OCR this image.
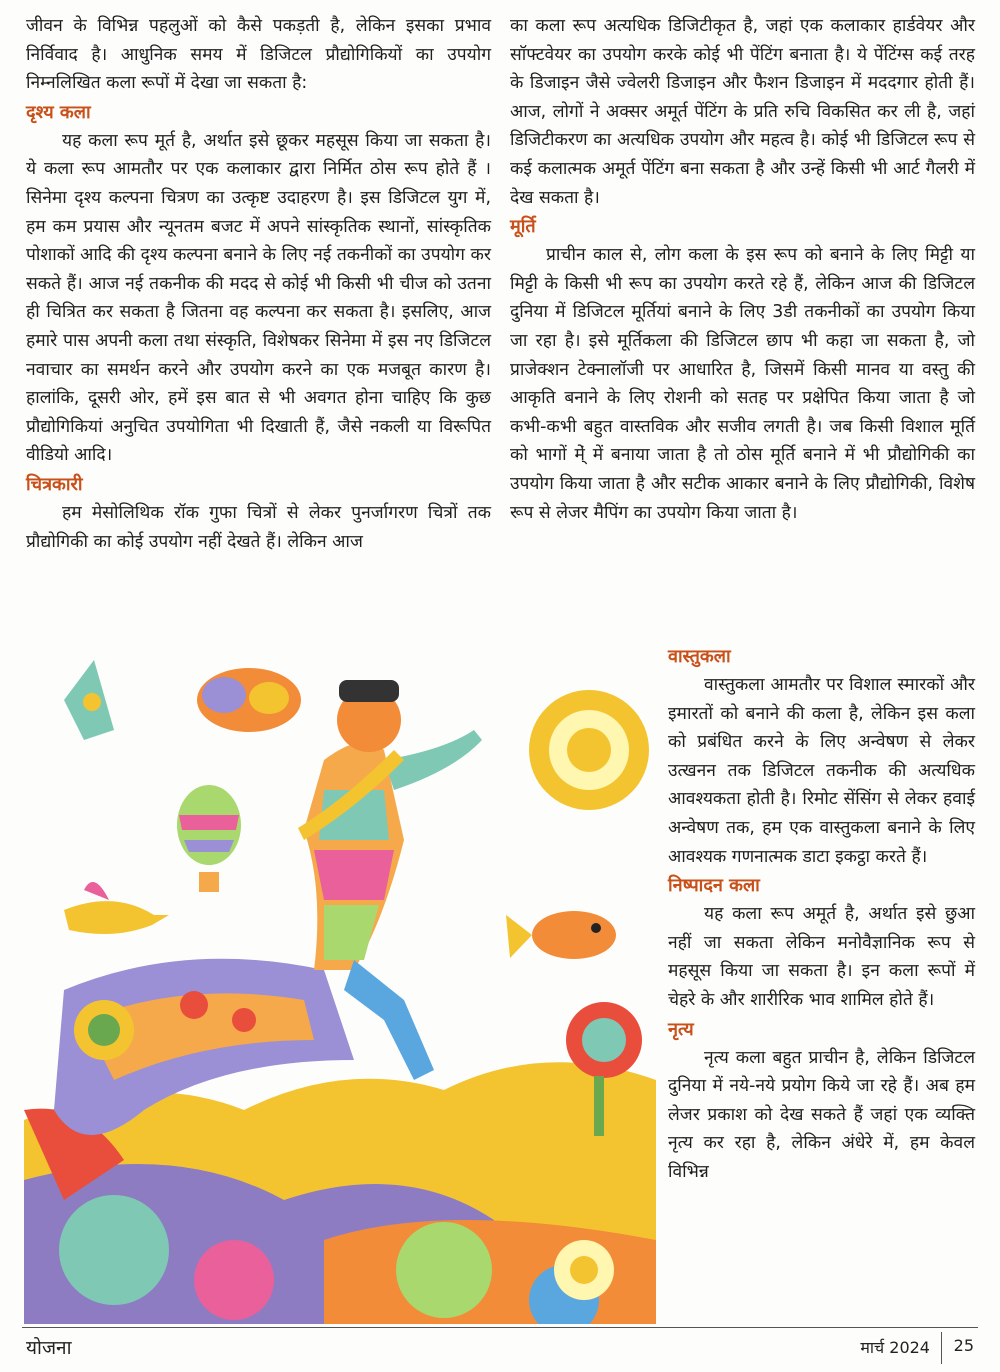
जीवन के विभिन्न पहलुओं को कैसे पकड़ती है, लेकिन इसका प्रभाव निर्विवाद है। आधुनिक समय में डिजिटल प्रौद्योगिकियों का उपयोग निम्नलिखित कला रूपों में देखा जा सकता है:

दृश्य कला

यह कला रूप मूर्त है, अर्थात इसे छूकर महसूस किया जा सकता है। ये कला रूप आमतौर पर एक कलाकार द्वारा निर्मित ठोस रूप होते हैं । सिनेमा दृश्य कल्पना चित्रण का उत्कृष्ट उदाहरण है। इस डिजिटल युग में, हम कम प्रयास और न्यूनतम बजट में अपने सांस्कृतिक स्थानों, सांस्कृतिक पोशाकों आदि की दृश्य कल्पना बनाने के लिए नई तकनीकों का उपयोग कर सकते हैं। आज नई तकनीक की मदद से कोई भी किसी भी चीज को उतना ही चित्रित कर सकता है जितना वह कल्पना कर सकता है। इसलिए, आज हमारे पास अपनी कला तथा संस्कृति, विशेषकर सिनेमा में इस नए डिजिटल नवाचार का समर्थन करने और उपयोग करने का एक मजबूत कारण है। हालांकि, दूसरी ओर, हमें इस बात से भी अवगत होना चाहिए कि कुछ प्रौद्योगिकियां अनुचित उपयोगिता भी दिखाती हैं, जैसे नकली या विरूपित वीडियो आदि।

चित्रकारी

हम मेसोलिथिक रॉक गुफा चित्रों से लेकर पुनर्जागरण चित्रों तक प्रौद्योगिकी का कोई उपयोग नहीं देखते हैं। लेकिन आज

का कला रूप अत्यधिक डिजिटीकृत है, जहां एक कलाकार हार्डवेयर और सॉफ्टवेयर का उपयोग करके कोई भी पेंटिंग बनाता है। ये पेंटिंग्स कई तरह के डिजाइन जैसे ज्वेलरी डिजाइन और फैशन डिजाइन में मददगार होती हैं। आज, लोगों ने अक्सर अमूर्त पेंटिंग के प्रति रुचि विकसित कर ली है, जहां डिजिटीकरण का अत्यधिक उपयोग और महत्व है। कोई भी डिजिटल रूप से कई कलात्मक अमूर्त पेंटिंग बना सकता है और उन्हें किसी भी आर्ट गैलरी में देख सकता है।

मूर्ति

प्राचीन काल से, लोग कला के इस रूप को बनाने के लिए मिट्टी या मिट्टी के किसी भी रूप का उपयोग करते रहे हैं, लेकिन आज की डिजिटल दुनिया में डिजिटल मूर्तियां बनाने के लिए 3डी तकनीकों का उपयोग किया जा रहा है। इसे मूर्तिकला की डिजिटल छाप भी कहा जा सकता है, जो प्राजेक्शन टेक्नालॉजी पर आधारित है, जिसमें किसी मानव या वस्तु की आकृति बनाने के लिए रोशनी को सतह पर प्रक्षेपित किया जाता है जो कभी-कभी बहुत वास्तविक और सजीव लगती है। जब किसी विशाल मूर्ति को भागों मे्ं में बनाया जाता है तो ठोस मूर्ति बनाने में भी प्रौद्योगिकी का उपयोग किया जाता है और सटीक आकार बनाने के लिए प्रौद्योगिकी, विशेष रूप से लेजर मैपिंग का उपयोग किया जाता है।

वास्तुकला

वास्तुकला आमतौर पर विशाल स्मारकों और इमारतों को बनाने की कला है, लेकिन इस कला को प्रबंधित करने के लिए अन्वेषण से लेकर उत्खनन तक डिजिटल तकनीक की अत्यधिक आवश्यकता होती है। रिमोट सेंसिंग से लेकर हवाई अन्वेषण तक, हम एक वास्तुकला बनाने के लिए आवश्यक गणनात्मक डाटा इकट्ठा करते हैं।

निष्पादन कला

यह कला रूप अमूर्त है, अर्थात इसे छुआ नहीं जा सकता लेकिन मनोवैज्ञानिक रूप से महसूस किया जा सकता है। इन कला रूपों में चेहरे के और शारीरिक भाव शामिल होते हैं।

नृत्य

नृत्य कला बहुत प्राचीन है, लेकिन डिजिटल दुनिया में नये-नये प्रयोग किये जा रहे हैं। अब हम लेजर प्रकाश को देख सकते हैं जहां एक व्यक्ति नृत्य कर रहा है, लेकिन अंधेरे में, हम केवल विभिन्न

योजना	मार्च 2024 25
